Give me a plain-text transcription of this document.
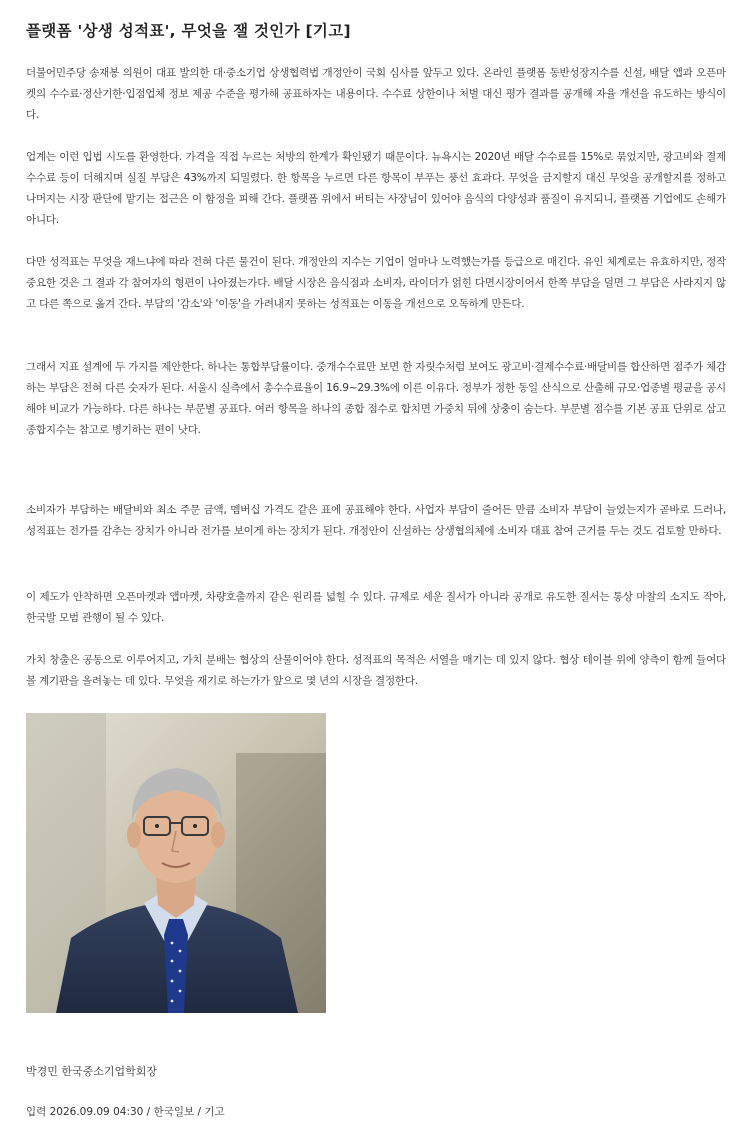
플랫폼 '상생 성적표', 무엇을 잴 것인가 [기고]

더불어민주당 송재봉 의원이 대표 발의한 대·중소기업 상생협력법 개정안이 국회 심사를 앞두고 있다. 온라인 플랫폼 동반성장지수를 신설, 배달 앱과 오픈마켓의 수수료·정산기한·입점업체 정보 제공 수준을 평가해 공표하자는 내용이다. 수수료 상한이나 처벌 대신 평가 결과를 공개해 자율 개선을 유도하는 방식이다.

업계는 이런 입법 시도를 환영한다. 가격을 직접 누르는 처방의 한계가 확인됐기 때문이다. 뉴욕시는 2020년 배달 수수료를 15%로 묶었지만, 광고비와 결제수수료 등이 더해지며 실질 부담은 43%까지 되밀렸다. 한 항목을 누르면 다른 항목이 부푸는 풍선 효과다. 무엇을 금지할지 대신 무엇을 공개할지를 정하고 나머지는 시장 판단에 맡기는 접근은 이 함정을 피해 간다. 플랫폼 위에서 버티는 사장님이 있어야 음식의 다양성과 품질이 유지되니, 플랫폼 기업에도 손해가 아니다.

다만 성적표는 무엇을 재느냐에 따라 전혀 다른 물건이 된다. 개정안의 지수는 기업이 얼마나 노력했는가를 등급으로 매긴다. 유인 체계로는 유효하지만, 정작 중요한 것은 그 결과 각 참여자의 형편이 나아졌는가다. 배달 시장은 음식점과 소비자, 라이더가 얽힌 다면시장이어서 한쪽 부담을 덜면 그 부담은 사라지지 않고 다른 쪽으로 옮겨 간다. 부담의 '감소'와 '이동'을 가려내지 못하는 성적표는 이동을 개선으로 오독하게 만든다.

그래서 지표 설계에 두 가지를 제안한다. 하나는 통합부담률이다. 중개수수료만 보면 한 자릿수처럼 보여도 광고비·결제수수료·배달비를 합산하면 점주가 체감하는 부담은 전혀 다른 숫자가 된다. 서울시 실측에서 총수수료율이 16.9~29.3%에 이른 이유다. 정부가 정한 동일 산식으로 산출해 규모·업종별 평균을 공시해야 비교가 가능하다. 다른 하나는 부문별 공표다. 여러 항목을 하나의 종합 점수로 합치면 가중치 뒤에 상충이 숨는다. 부문별 점수를 기본 공표 단위로 삼고 종합지수는 참고로 병기하는 편이 낫다.

소비자가 부담하는 배달비와 최소 주문 금액, 멤버십 가격도 같은 표에 공표해야 한다. 사업자 부담이 줄어든 만큼 소비자 부담이 늘었는지가 곧바로 드러나, 성적표는 전가를 감추는 장치가 아니라 전가를 보이게 하는 장치가 된다. 개정안이 신설하는 상생협의체에 소비자 대표 참여 근거를 두는 것도 검토할 만하다.

이 제도가 안착하면 오픈마켓과 앱마켓, 차량호출까지 같은 원리를 넓힐 수 있다. 규제로 세운 질서가 아니라 공개로 유도한 질서는 통상 마찰의 소지도 작아, 한국발 모범 관행이 될 수 있다.

가치 창출은 공동으로 이루어지고, 가치 분배는 협상의 산물이어야 한다. 성적표의 목적은 서열을 매기는 데 있지 않다. 협상 테이블 위에 양측이 함께 들여다볼 계기판을 올려놓는 데 있다. 무엇을 재기로 하는가가 앞으로 몇 년의 시장을 결정한다.

박경민 한국중소기업학회장
입력 2026.09.09 04:30 / 한국일보 / 기고
